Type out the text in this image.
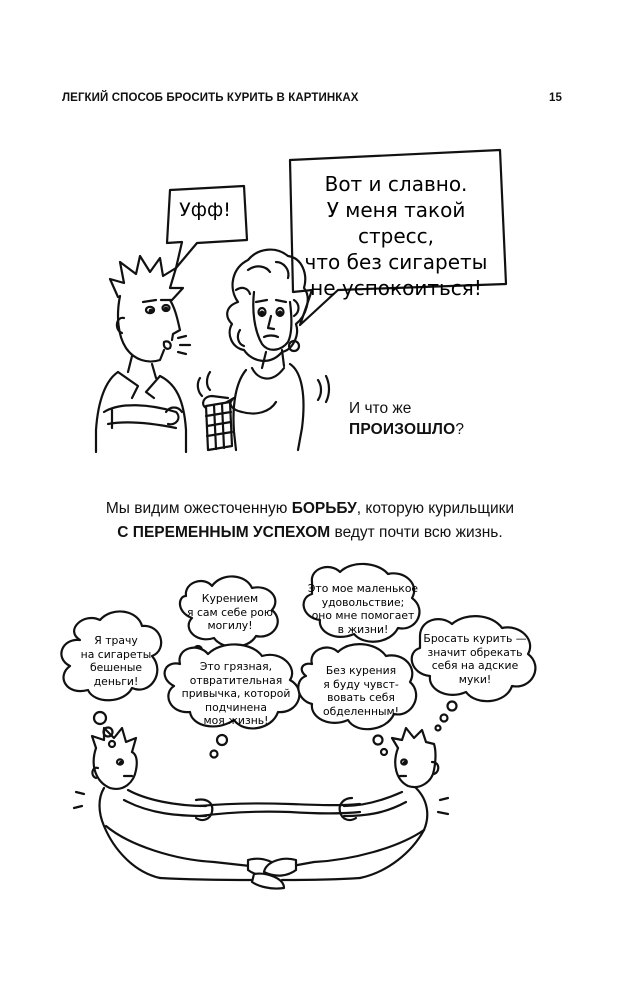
ЛЕГКИЙ СПОСОБ БРОСИТЬ КУРИТЬ В КАРТИНКАХ	15
Уфф!
Вот и славно.
У меня такой стресс,
что без сигареты
не успокоиться!
И что же
ПРОИЗОШЛО?
Мы видим ожесточенную БОРЬБУ, которую курильщики
С ПЕРЕМЕННЫМ УСПЕХОМ ведут почти всю жизнь.
Я трачу
на сигареты
бешеные
деньги!
Курением
я сам себе рою
могилу!
Это грязная,
отвратительная
привычка, которой
подчинена
моя жизнь!
Это мое маленькое
удовольствие;
оно мне помогает
в жизни!
Без курения
я буду чувст-
вовать себя
обделенным!
Бросать курить —
значит обрекать
себя на адские
муки!
